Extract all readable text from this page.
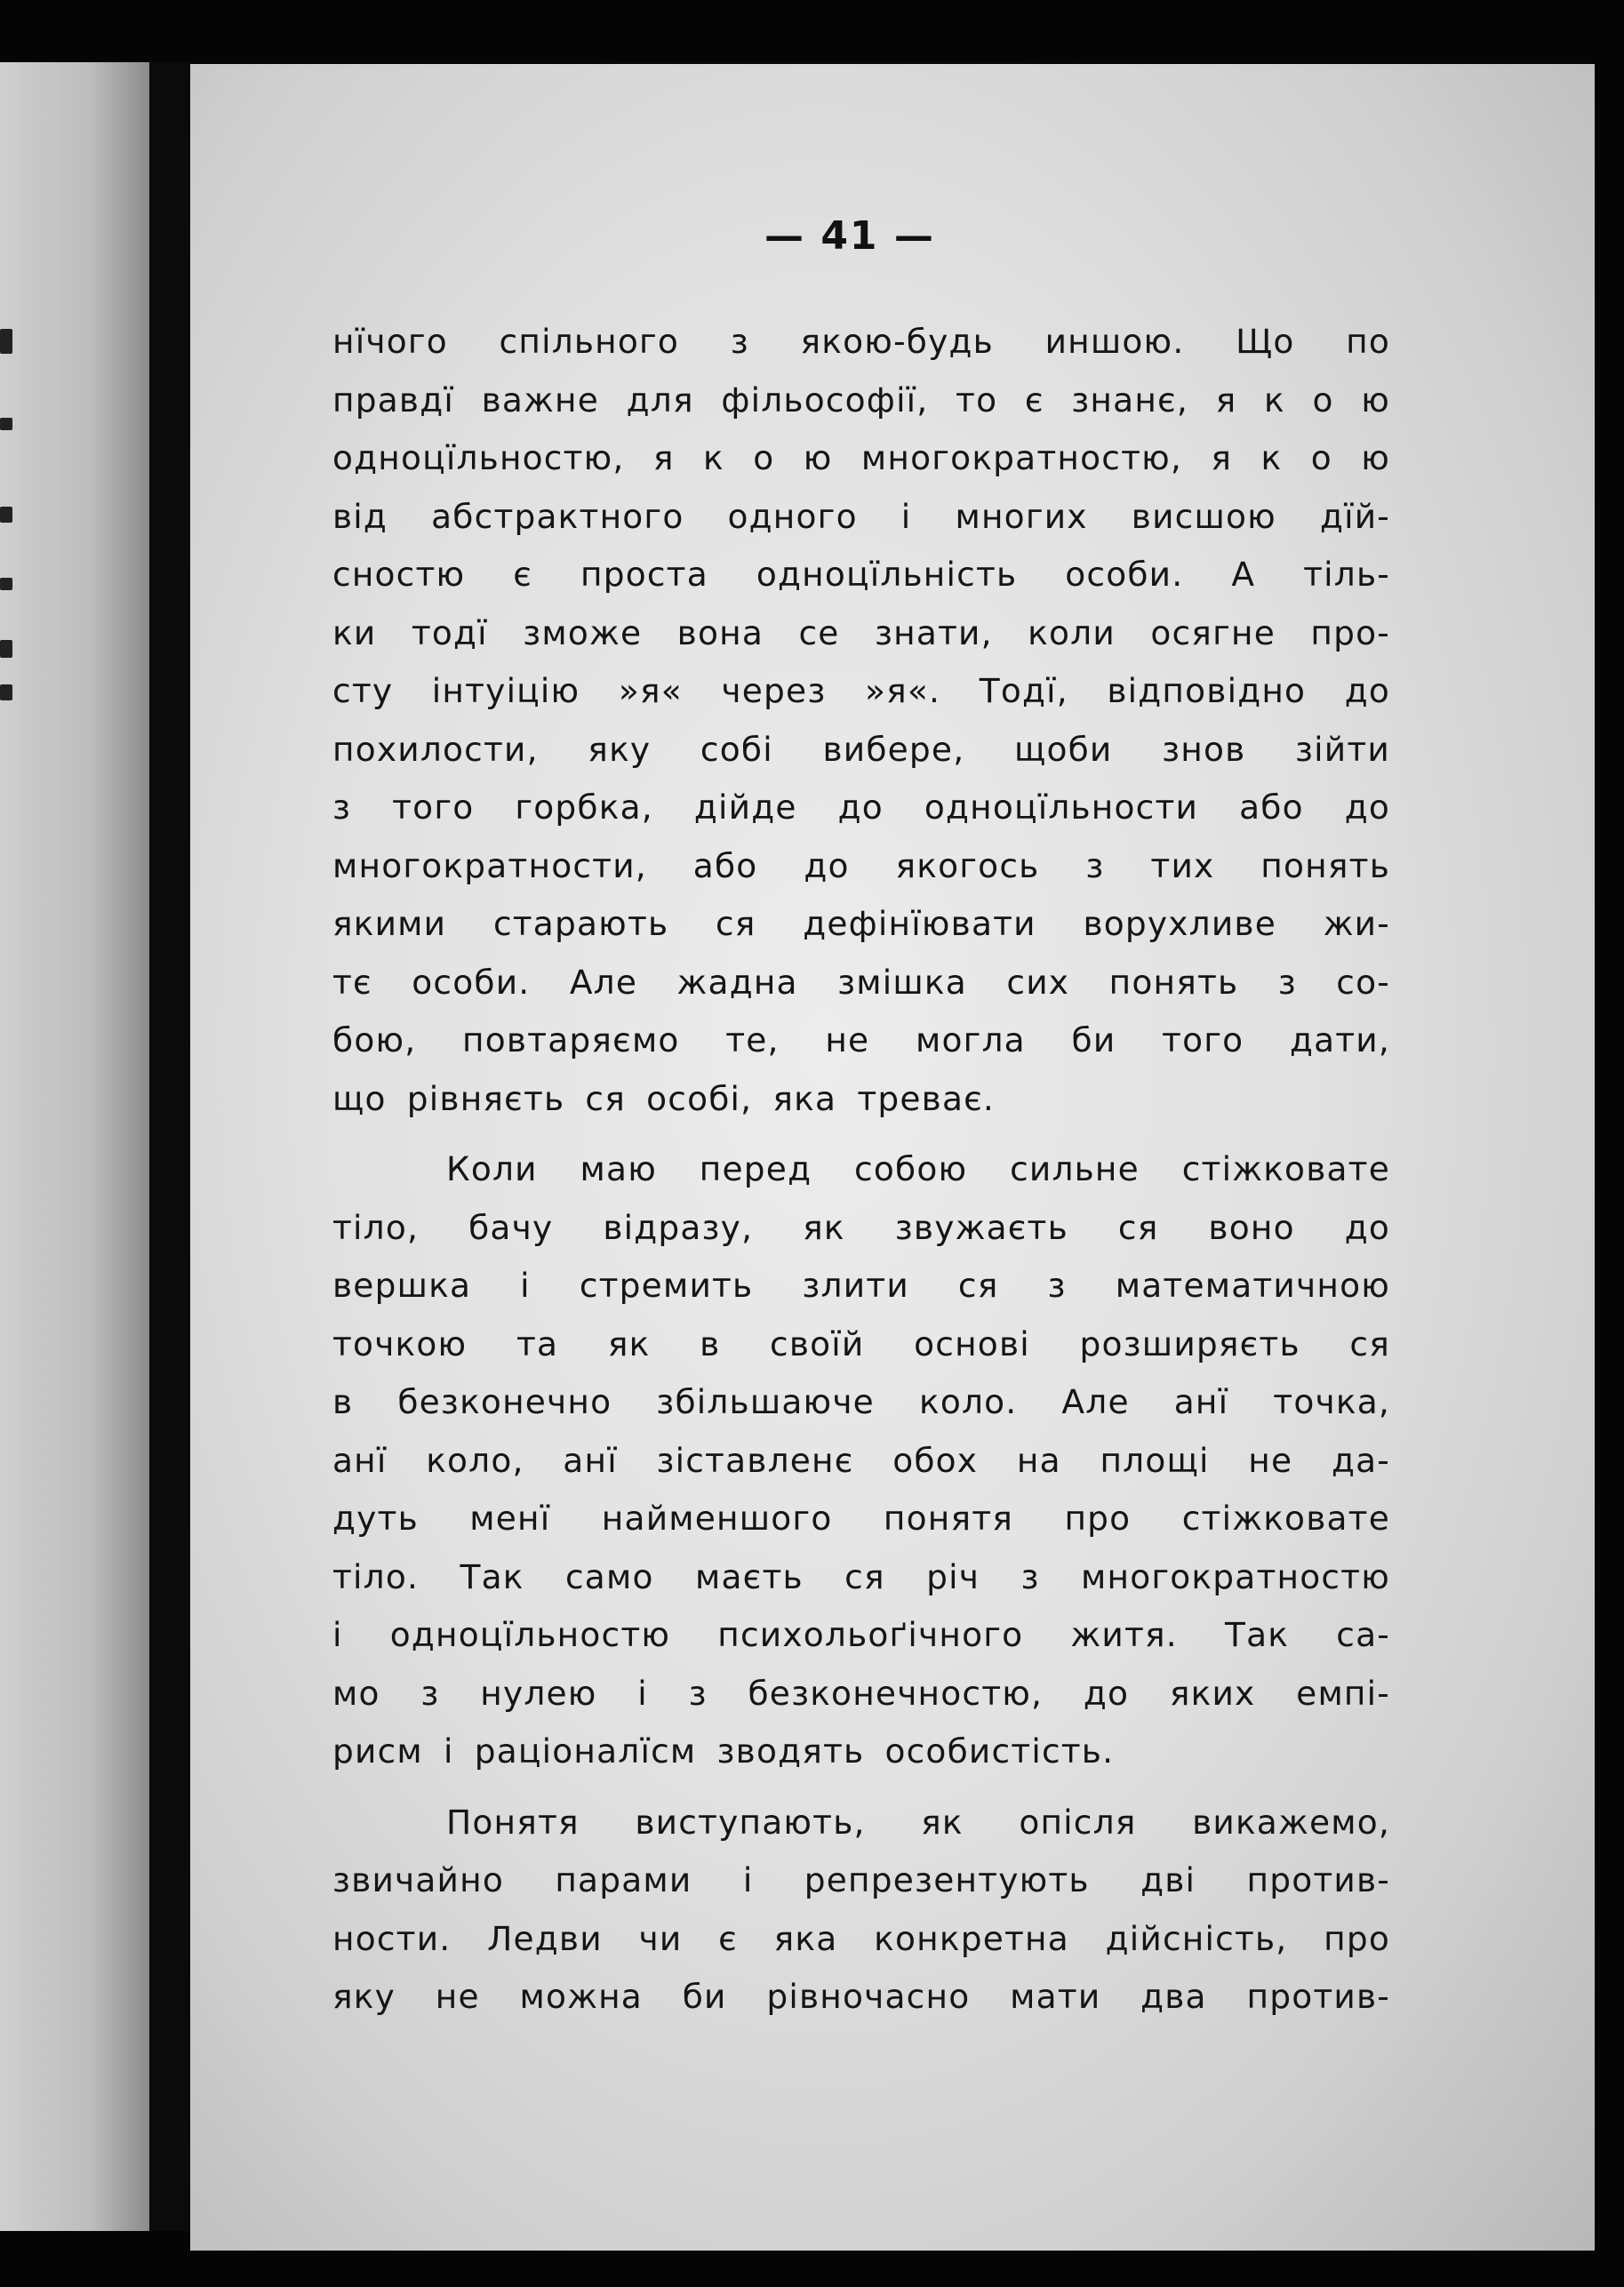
— 41 —
нїчого спільного з якою-будь иншою. Що по
правдї важне для фільософії, то є знанє, я к о ю
одноцїльностю, я к о ю многократностю, я к о ю
від абстрактного одного і многих висшою дїй-
сностю є проста одноцїльність особи. А тіль-
ки тодї зможе вона се знати, коли осягне про-
сту інтуіцію »я« через »я«. Тодї, відповідно до
похилости, яку собі вибере, щоби знов зійти
з того горбка, дійде до одноцїльности або до
многократности, або до якогось з тих понять
якими старають ся дефінїювати ворухливе жи-
тє особи. Але жадна змішка сих понять з со-
бою, повтаряємо те, не могла би того дати,
що рівняєть ся особі, яка треває.
Коли маю перед собою сильне стіжковате
тіло, бачу відразу, як звужаєть ся воно до
вершка і стремить злити ся з математичною
точкою та як в своїй основі розширяєть ся
в безконечно збільшаюче коло. Але анї точка,
анї коло, анї зіставленє обох на площі не да-
дуть менї найменшого понятя про стіжковате
тіло. Так само маєть ся річ з многократностю
і одноцїльностю психольоґічного житя. Так са-
мо з нулею і з безконечностю, до яких емпі-
рисм і раціоналїсм зводять особистість.
Понятя виступають, як опісля викажемо,
звичайно парами і репрезентують дві против-
ности. Ледви чи є яка конкретна дійсність, про
яку не можна би рівночасно мати два против-
